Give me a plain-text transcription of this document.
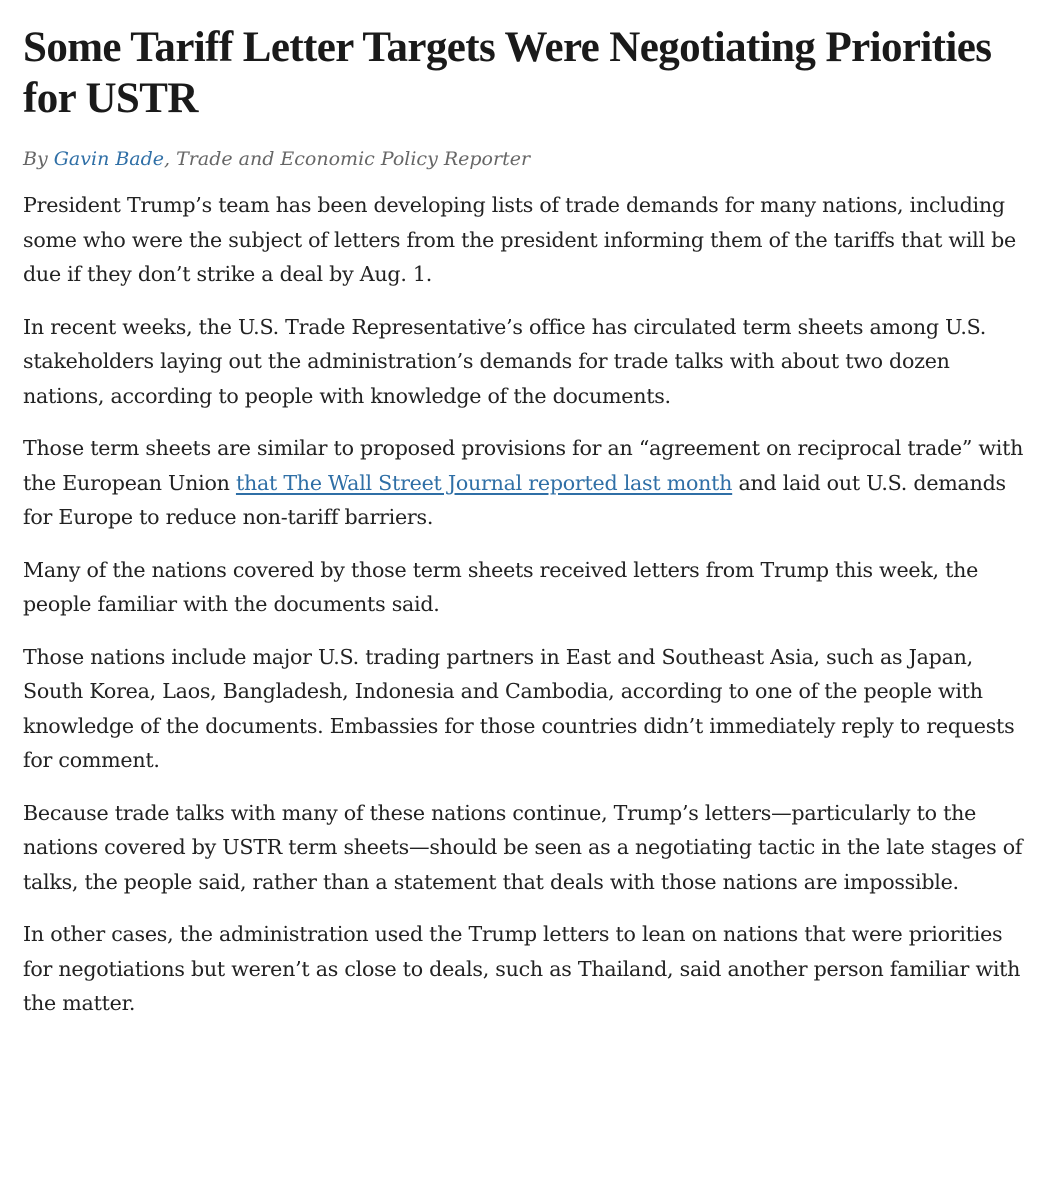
Some Tariff Letter Targets Were Negotiating Priorities for USTR
By Gavin Bade, Trade and Economic Policy Reporter

President Trump’s team has been developing lists of trade demands for many nations, including some who were the subject of letters from the president informing them of the tariffs that will be due if they don’t strike a deal by Aug. 1.

In recent weeks, the U.S. Trade Representative’s office has circulated term sheets among U.S. stakeholders laying out the administration’s demands for trade talks with about two dozen nations, according to people with knowledge of the documents.

Those term sheets are similar to proposed provisions for an “agreement on reciprocal trade” with the European Union that The Wall Street Journal reported last month and laid out U.S. demands for Europe to reduce non-tariff barriers.

Many of the nations covered by those term sheets received letters from Trump this week, the people familiar with the documents said.

Those nations include major U.S. trading partners in East and Southeast Asia, such as Japan, South Korea, Laos, Bangladesh, Indonesia and Cambodia, according to one of the people with knowledge of the documents. Embassies for those countries didn’t immediately reply to requests for comment.

Because trade talks with many of these nations continue, Trump’s letters—particularly to the nations covered by USTR term sheets—should be seen as a negotiating tactic in the late stages of talks, the people said, rather than a statement that deals with those nations are impossible.

In other cases, the administration used the Trump letters to lean on nations that were priorities for negotiations but weren’t as close to deals, such as Thailand, said another person familiar with the matter.
